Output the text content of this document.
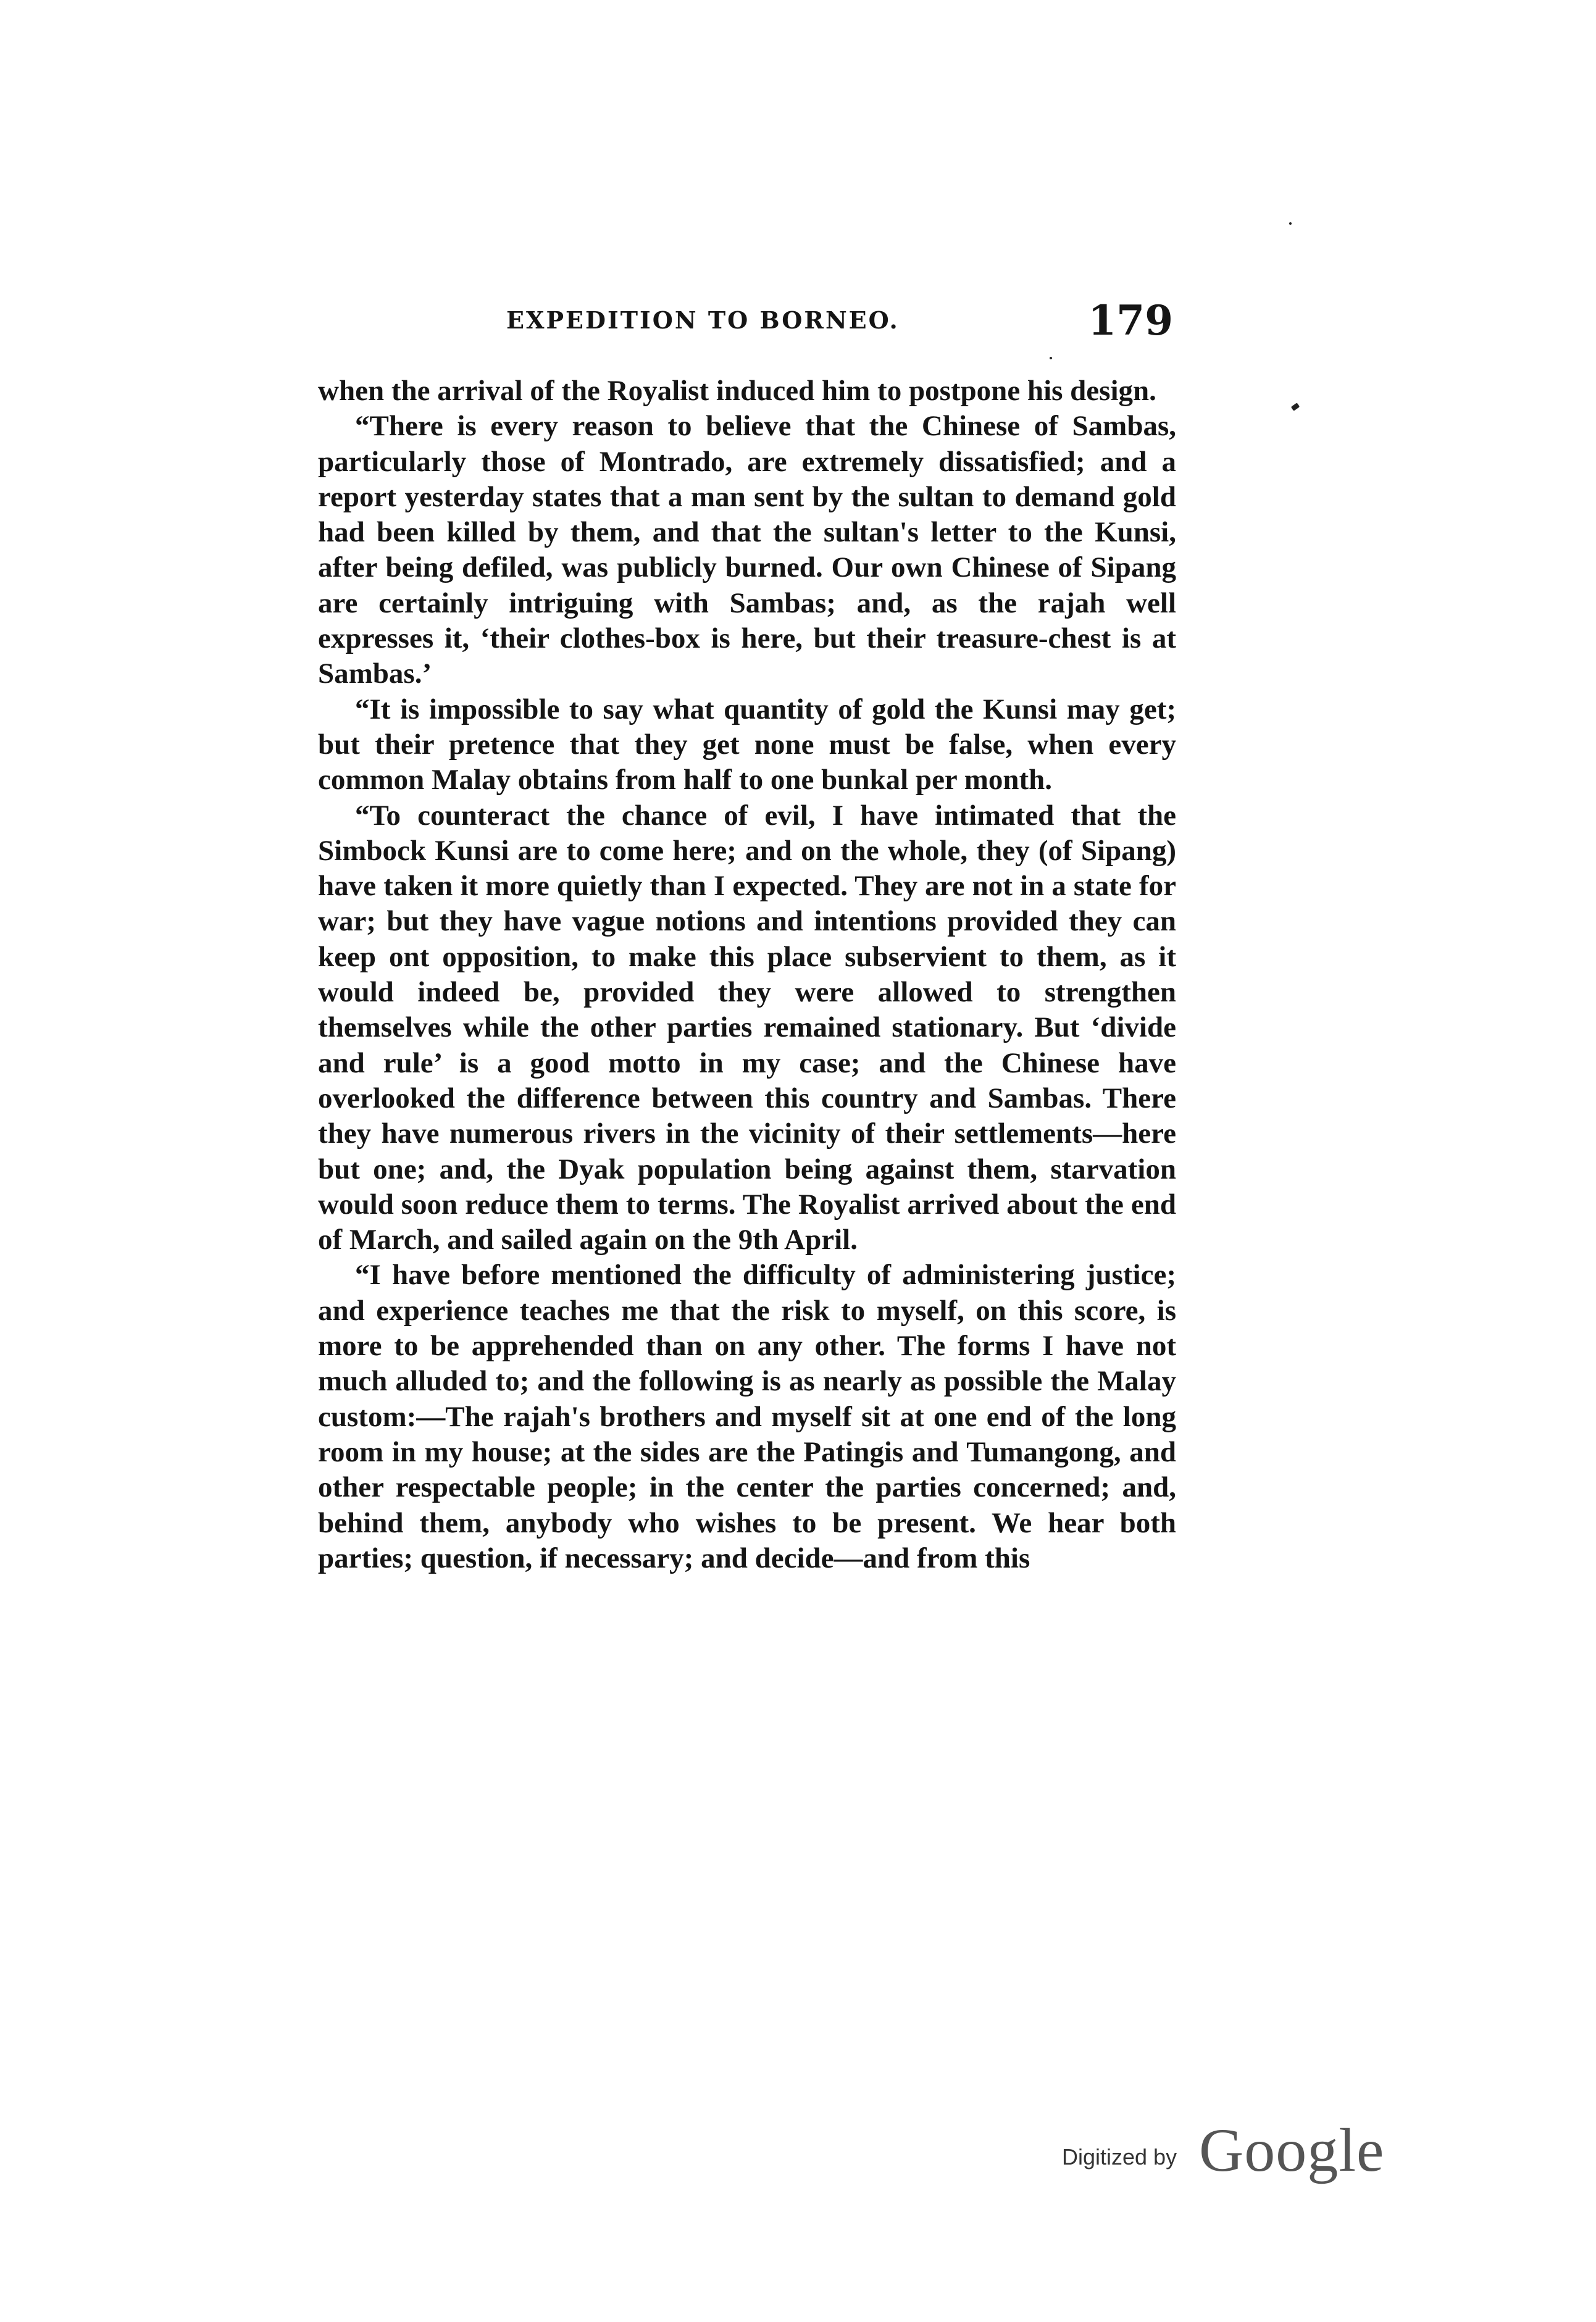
EXPEDITION TO BORNEO.	179

when the arrival of the Royalist induced him to postpone his design.

“There is every reason to believe that the Chinese of Sambas, particularly those of Montrado, are extremely dissatisfied; and a report yesterday states that a man sent by the sultan to demand gold had been killed by them, and that the sultan's letter to the Kunsi, after being defiled, was publicly burned. Our own Chinese of Sipang are certainly intriguing with Sambas; and, as the rajah well expresses it, ‘their clothes-box is here, but their treasure-chest is at Sambas.’

“It is impossible to say what quantity of gold the Kunsi may get; but their pretence that they get none must be false, when every common Malay obtains from half to one bunkal per month.

“To counteract the chance of evil, I have intimated that the Simbock Kunsi are to come here; and on the whole, they (of Sipang) have taken it more quietly than I expected. They are not in a state for war; but they have vague notions and intentions provided they can keep ont opposition, to make this place subservient to them, as it would indeed be, provided they were allowed to strengthen themselves while the other parties remained stationary. But ‘divide and rule’ is a good motto in my case; and the Chinese have overlooked the difference between this country and Sambas. There they have numerous rivers in the vicinity of their settlements—here but one; and, the Dyak population being against them, starvation would soon reduce them to terms. The Royalist arrived about the end of March, and sailed again on the 9th April.

“I have before mentioned the difficulty of administering justice; and experience teaches me that the risk to myself, on this score, is more to be apprehended than on any other. The forms I have not much alluded to; and the following is as nearly as possible the Malay custom:—The rajah's brothers and myself sit at one end of the long room in my house; at the sides are the Patingis and Tumangong, and other respectable people; in the center the parties concerned; and, behind them, anybody who wishes to be present. We hear both parties; question, if necessary; and decide—and from this

Digitized by Google
